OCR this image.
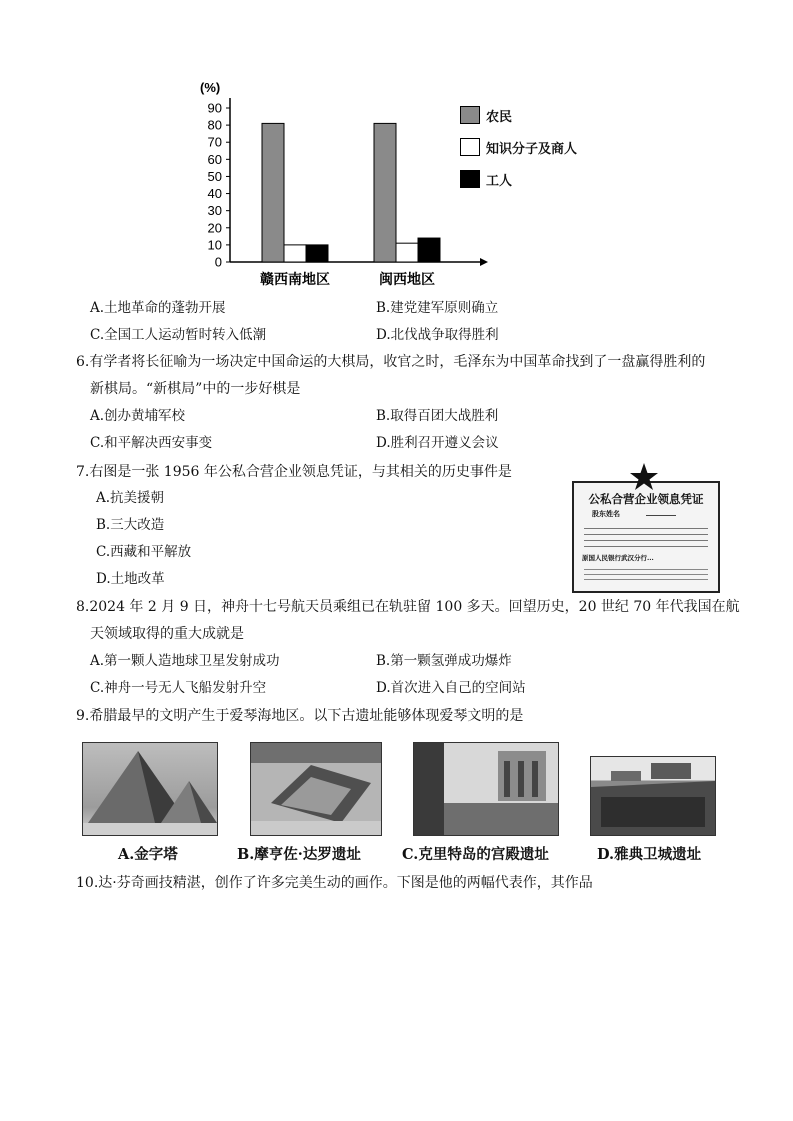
(%)
0
10
20
30
40
50
60
70
80
90
赣西南地区	闽西地区
农民
知识分子及商人
工人
A.土地革命的蓬勃开展	B.建党建军原则确立
C.全国工人运动暂时转入低潮	D.北伐战争取得胜利
6.有学者将长征喻为一场决定中国命运的大棋局，收官之时，毛泽东为中国革命找到了一盘赢得胜利的
新棋局。“新棋局”中的一步好棋是
A.创办黄埔军校	B.取得百团大战胜利
C.和平解决西安事变	D.胜利召开遵义会议
7.右图是一张 1956 年公私合营企业领息凭证，与其相关的历史事件是
A.抗美援朝
B.三大改造
C.西藏和平解放
D.土地改革
公私合营企业领息凭证
股东姓名
原国人民银行武汉分行...
8.2024 年 2 月 9 日，神舟十七号航天员乘组已在轨驻留 100 多天。回望历史，20 世纪 70 年代我国在航
天领域取得的重大成就是
A.第一颗人造地球卫星发射成功	B.第一颗氢弹成功爆炸
C.神舟一号无人飞船发射升空	D.首次进入自己的空间站
9.希腊最早的文明产生于爱琴海地区。以下古遗址能够体现爱琴文明的是
A.金字塔	B.摩亨佐·达罗遗址	C.克里特岛的宫殿遗址	D.雅典卫城遗址
10.达·芬奇画技精湛，创作了许多完美生动的画作。下图是他的两幅代表作，其作品
